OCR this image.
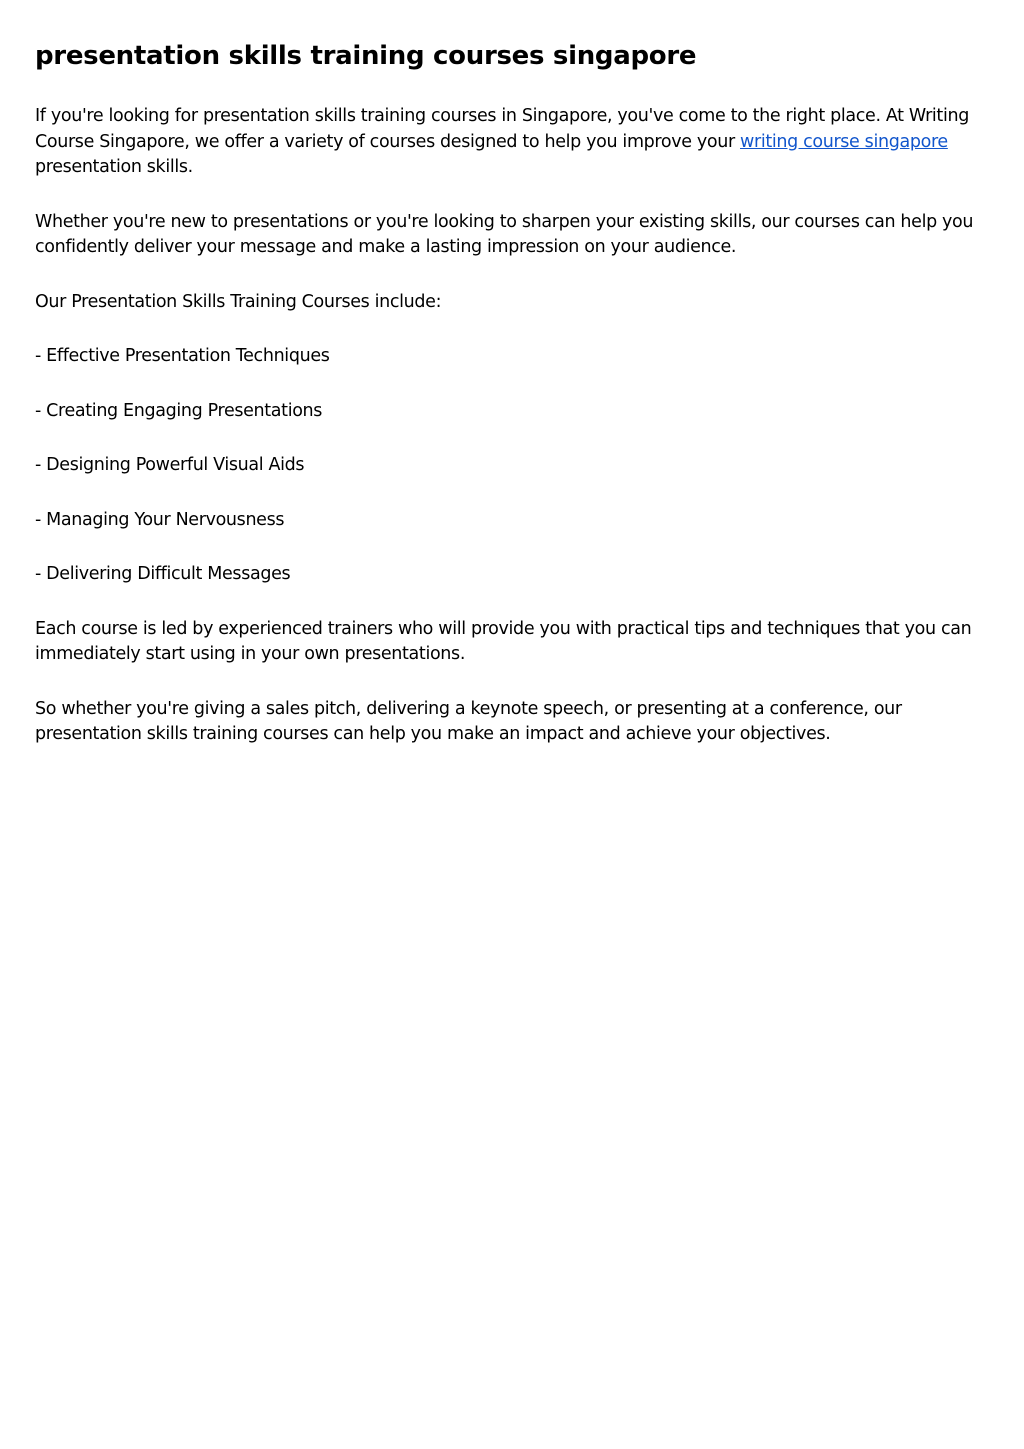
presentation skills training courses singapore

If you're looking for presentation skills training courses in Singapore, you've come to the right place. At Writing Course Singapore, we offer a variety of courses designed to help you improve your writing course singapore presentation skills.

Whether you're new to presentations or you're looking to sharpen your existing skills, our courses can help you confidently deliver your message and make a lasting impression on your audience.

Our Presentation Skills Training Courses include:

- Effective Presentation Techniques

- Creating Engaging Presentations

- Designing Powerful Visual Aids

- Managing Your Nervousness

- Delivering Difficult Messages

Each course is led by experienced trainers who will provide you with practical tips and techniques that you can immediately start using in your own presentations.

So whether you're giving a sales pitch, delivering a keynote speech, or presenting at a conference, our presentation skills training courses can help you make an impact and achieve your objectives.
